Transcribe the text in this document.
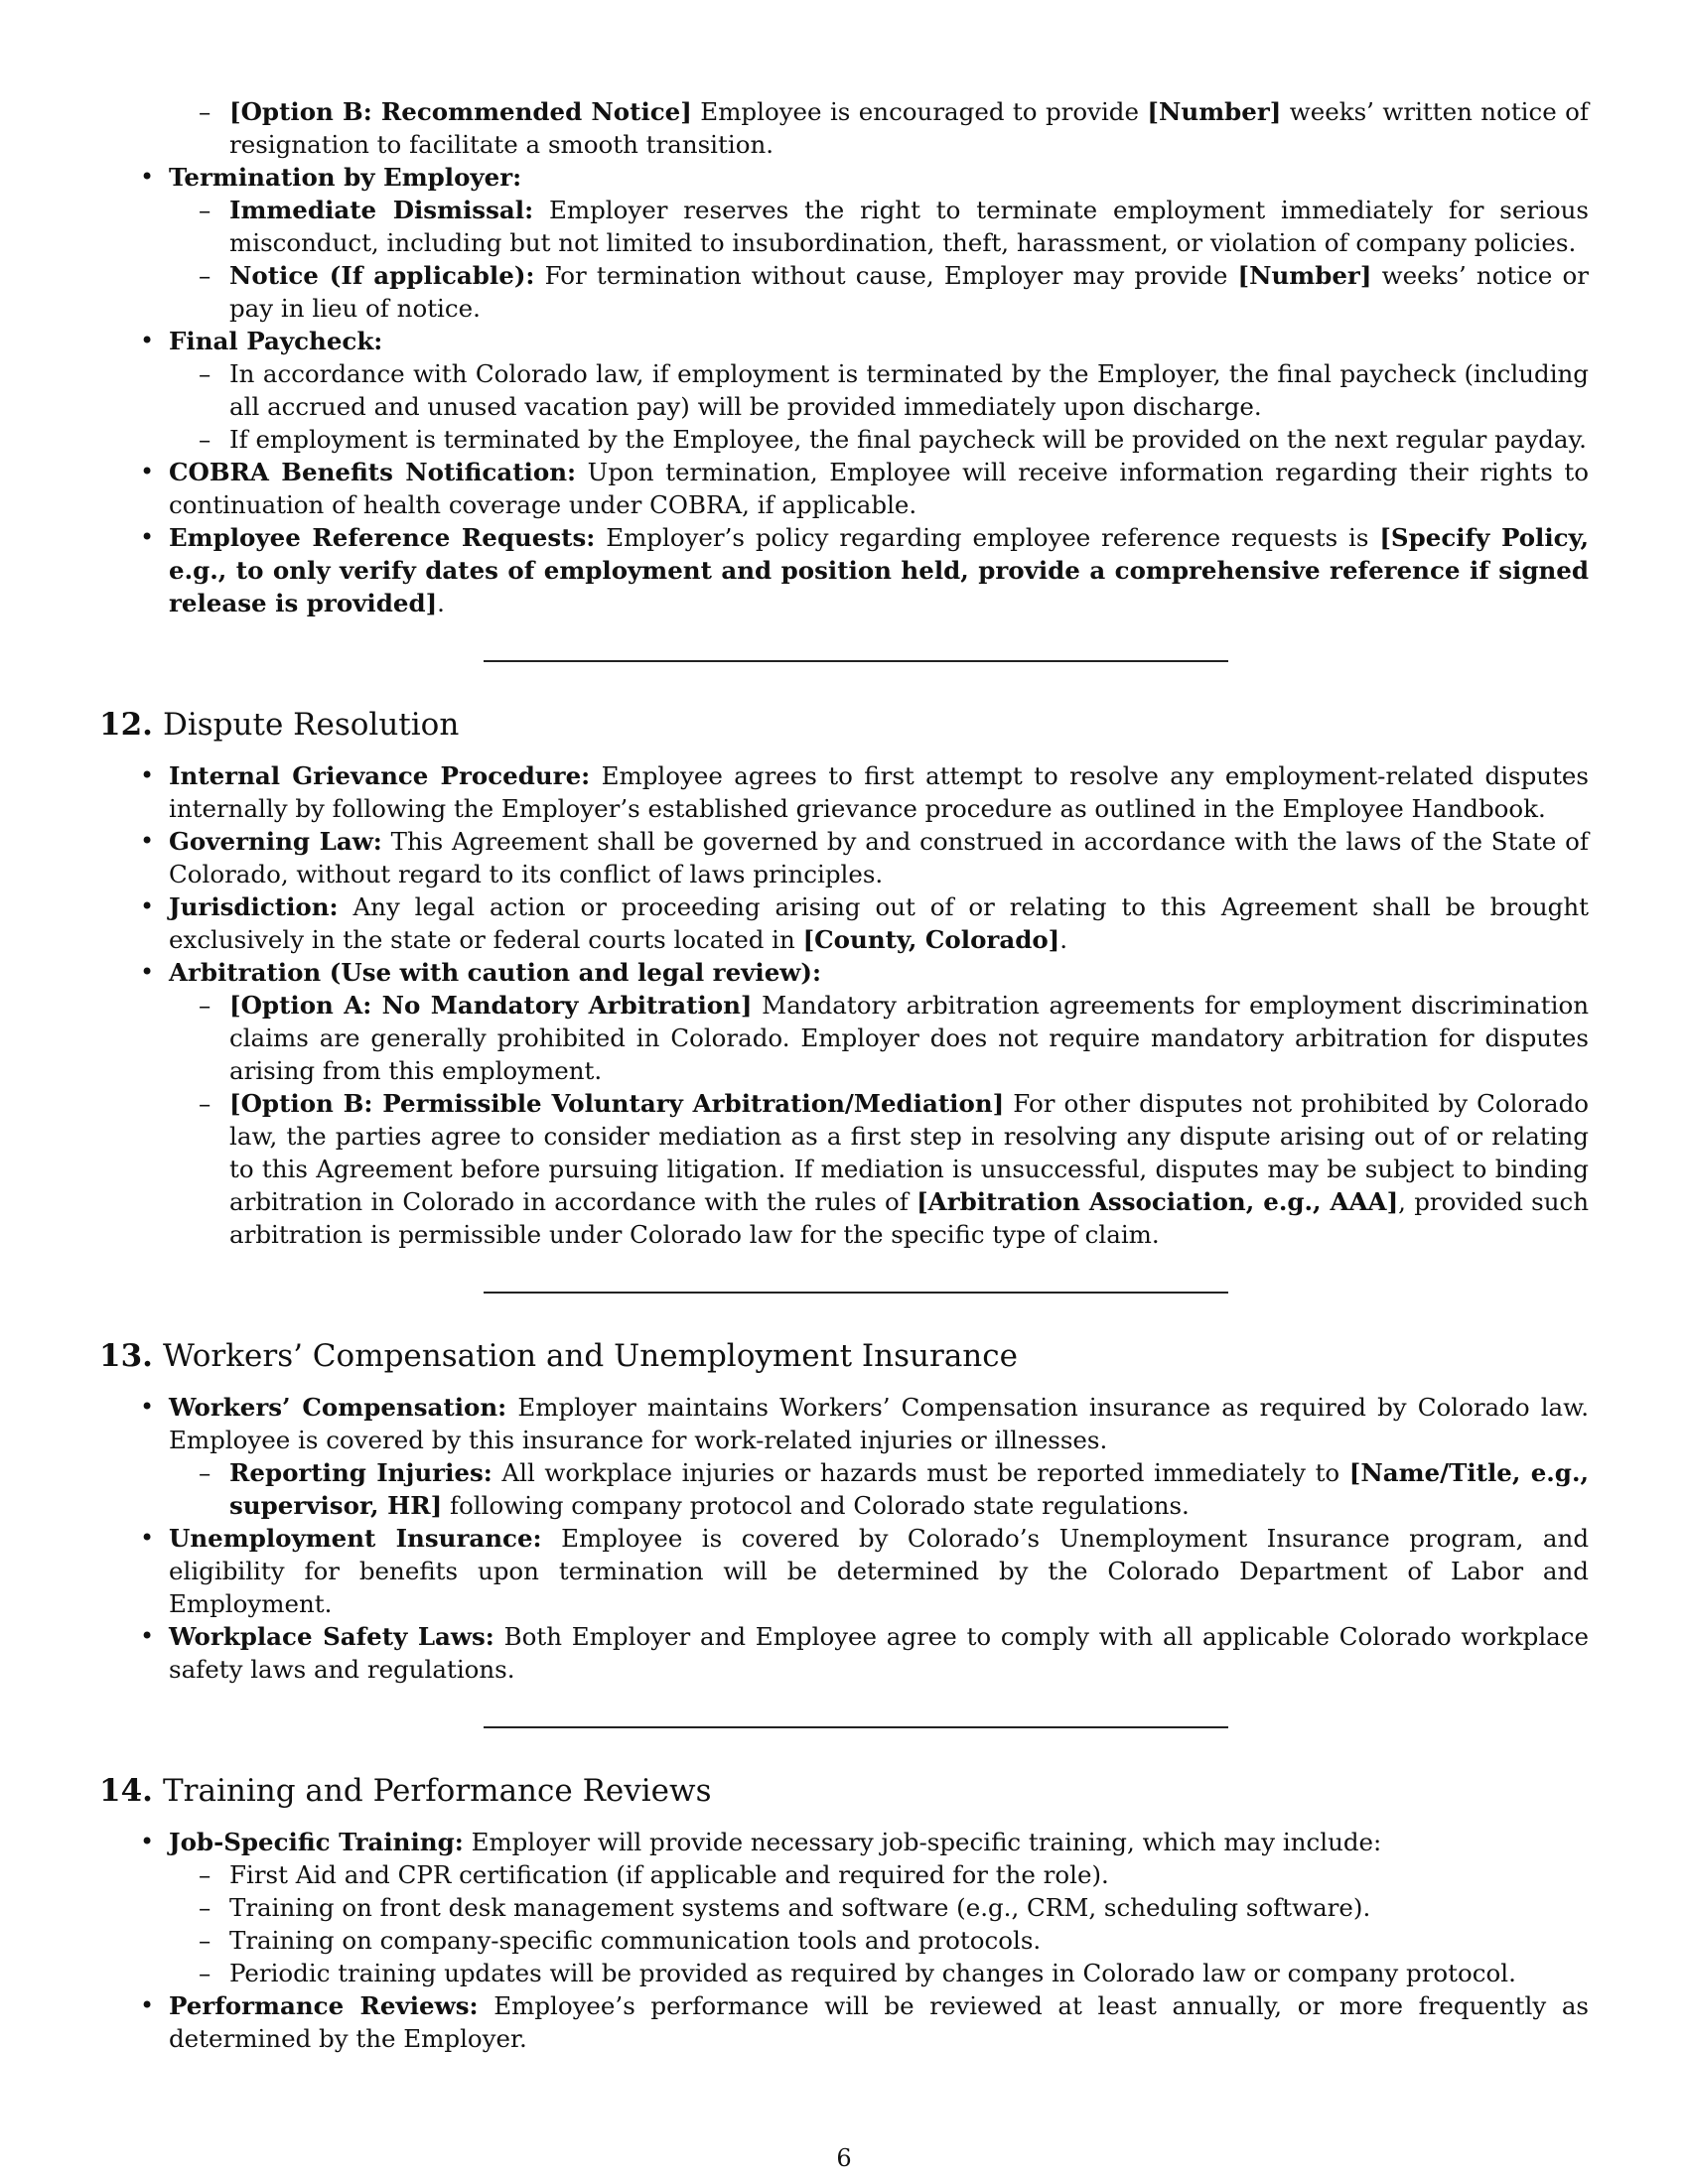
– [Option B: Recommended Notice] Employee is encouraged to provide [Number] weeks’ written notice of resignation to facilitate a smooth transition.
• Termination by Employer:
– Immediate Dismissal: Employer reserves the right to terminate employment immediately for serious misconduct, including but not limited to insubordination, theft, harassment, or violation of company policies.
– Notice (If applicable): For termination without cause, Employer may provide [Number] weeks’ notice or pay in lieu of notice.
• Final Paycheck:
– In accordance with Colorado law, if employment is terminated by the Employer, the final paycheck (including all accrued and unused vacation pay) will be provided immediately upon discharge.
– If employment is terminated by the Employee, the final paycheck will be provided on the next regular payday.
• COBRA Benefits Notification: Upon termination, Employee will receive information regarding their rights to continuation of health coverage under COBRA, if applicable.
• Employee Reference Requests: Employer’s policy regarding employee reference requests is [Specify Policy, e.g., to only verify dates of employment and position held, provide a comprehensive reference if signed release is provided].
12. Dispute Resolution
• Internal Grievance Procedure: Employee agrees to first attempt to resolve any employment-related disputes internally by following the Employer’s established grievance procedure as outlined in the Employee Handbook.
• Governing Law: This Agreement shall be governed by and construed in accordance with the laws of the State of Colorado, without regard to its conflict of laws principles.
• Jurisdiction: Any legal action or proceeding arising out of or relating to this Agreement shall be brought exclusively in the state or federal courts located in [County, Colorado].
• Arbitration (Use with caution and legal review):
– [Option A: No Mandatory Arbitration] Mandatory arbitration agreements for employment discrimination claims are generally prohibited in Colorado. Employer does not require mandatory arbitration for disputes arising from this employment.
– [Option B: Permissible Voluntary Arbitration/Mediation] For other disputes not prohibited by Colorado law, the parties agree to consider mediation as a first step in resolving any dispute arising out of or relating to this Agreement before pursuing litigation. If mediation is unsuccessful, disputes may be subject to binding arbitration in Colorado in accordance with the rules of [Arbitration Association, e.g., AAA], provided such arbitration is permissible under Colorado law for the specific type of claim.
13. Workers’ Compensation and Unemployment Insurance
• Workers’ Compensation: Employer maintains Workers’ Compensation insurance as required by Colorado law. Employee is covered by this insurance for work-related injuries or illnesses.
– Reporting Injuries: All workplace injuries or hazards must be reported immediately to [Name/Title, e.g., supervisor, HR] following company protocol and Colorado state regulations.
• Unemployment Insurance: Employee is covered by Colorado’s Unemployment Insurance program, and eligibility for benefits upon termination will be determined by the Colorado Department of Labor and Employment.
• Workplace Safety Laws: Both Employer and Employee agree to comply with all applicable Colorado workplace safety laws and regulations.
14. Training and Performance Reviews
• Job-Specific Training: Employer will provide necessary job-specific training, which may include:
– First Aid and CPR certification (if applicable and required for the role).
– Training on front desk management systems and software (e.g., CRM, scheduling software).
– Training on company-specific communication tools and protocols.
– Periodic training updates will be provided as required by changes in Colorado law or company protocol.
• Performance Reviews: Employee’s performance will be reviewed at least annually, or more frequently as determined by the Employer.
6
